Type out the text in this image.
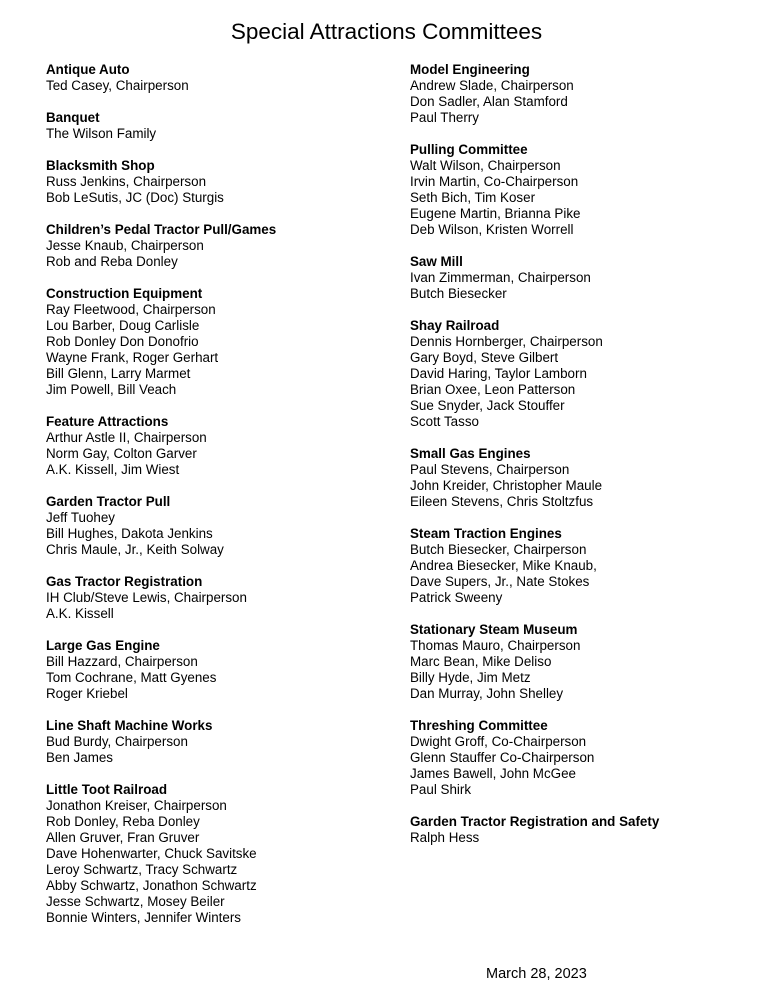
Special Attractions Committees
Antique Auto
Ted Casey, Chairperson
Banquet
The Wilson Family
Blacksmith Shop
Russ Jenkins, Chairperson
Bob LeSutis, JC (Doc) Sturgis
Children’s Pedal Tractor Pull/Games
Jesse Knaub, Chairperson
Rob and Reba Donley
Construction Equipment
Ray Fleetwood, Chairperson
Lou Barber, Doug Carlisle
Rob Donley Don Donofrio
Wayne Frank, Roger Gerhart
Bill Glenn, Larry Marmet
Jim Powell, Bill Veach
Feature Attractions
Arthur Astle II, Chairperson
Norm Gay, Colton Garver
A.K. Kissell, Jim Wiest
Garden Tractor Pull
Jeff Tuohey
Bill Hughes, Dakota Jenkins
Chris Maule, Jr., Keith Solway
Gas Tractor Registration
IH Club/Steve Lewis, Chairperson
A.K. Kissell
Large Gas Engine
Bill Hazzard, Chairperson
Tom Cochrane, Matt Gyenes
Roger Kriebel
Line Shaft Machine Works
Bud Burdy, Chairperson
Ben James
Little Toot Railroad
Jonathon Kreiser, Chairperson
Rob Donley, Reba Donley
Allen Gruver, Fran Gruver
Dave Hohenwarter, Chuck Savitske
Leroy Schwartz, Tracy Schwartz
Abby Schwartz, Jonathon Schwartz
Jesse Schwartz, Mosey Beiler
Bonnie Winters, Jennifer Winters
Model Engineering
Andrew Slade, Chairperson
Don Sadler, Alan Stamford
Paul Therry
Pulling Committee
Walt Wilson, Chairperson
Irvin Martin, Co-Chairperson
Seth Bich, Tim Koser
Eugene Martin, Brianna Pike
Deb Wilson, Kristen Worrell
Saw Mill
Ivan Zimmerman, Chairperson
Butch Biesecker
Shay Railroad
Dennis Hornberger, Chairperson
Gary Boyd, Steve Gilbert
David Haring, Taylor Lamborn
Brian Oxee, Leon Patterson
Sue Snyder, Jack Stouffer
Scott Tasso
Small Gas Engines
Paul Stevens, Chairperson
John Kreider, Christopher Maule
Eileen Stevens, Chris Stoltzfus
Steam Traction Engines
Butch Biesecker, Chairperson
Andrea Biesecker, Mike Knaub,
Dave Supers, Jr., Nate Stokes
Patrick Sweeny
Stationary Steam Museum
Thomas Mauro, Chairperson
Marc Bean, Mike Deliso
Billy Hyde, Jim Metz
Dan Murray, John Shelley
Threshing Committee
Dwight Groff, Co-Chairperson
Glenn Stauffer Co-Chairperson
James Bawell, John McGee
Paul Shirk
Garden Tractor Registration and Safety
Ralph Hess
March 28, 2023
